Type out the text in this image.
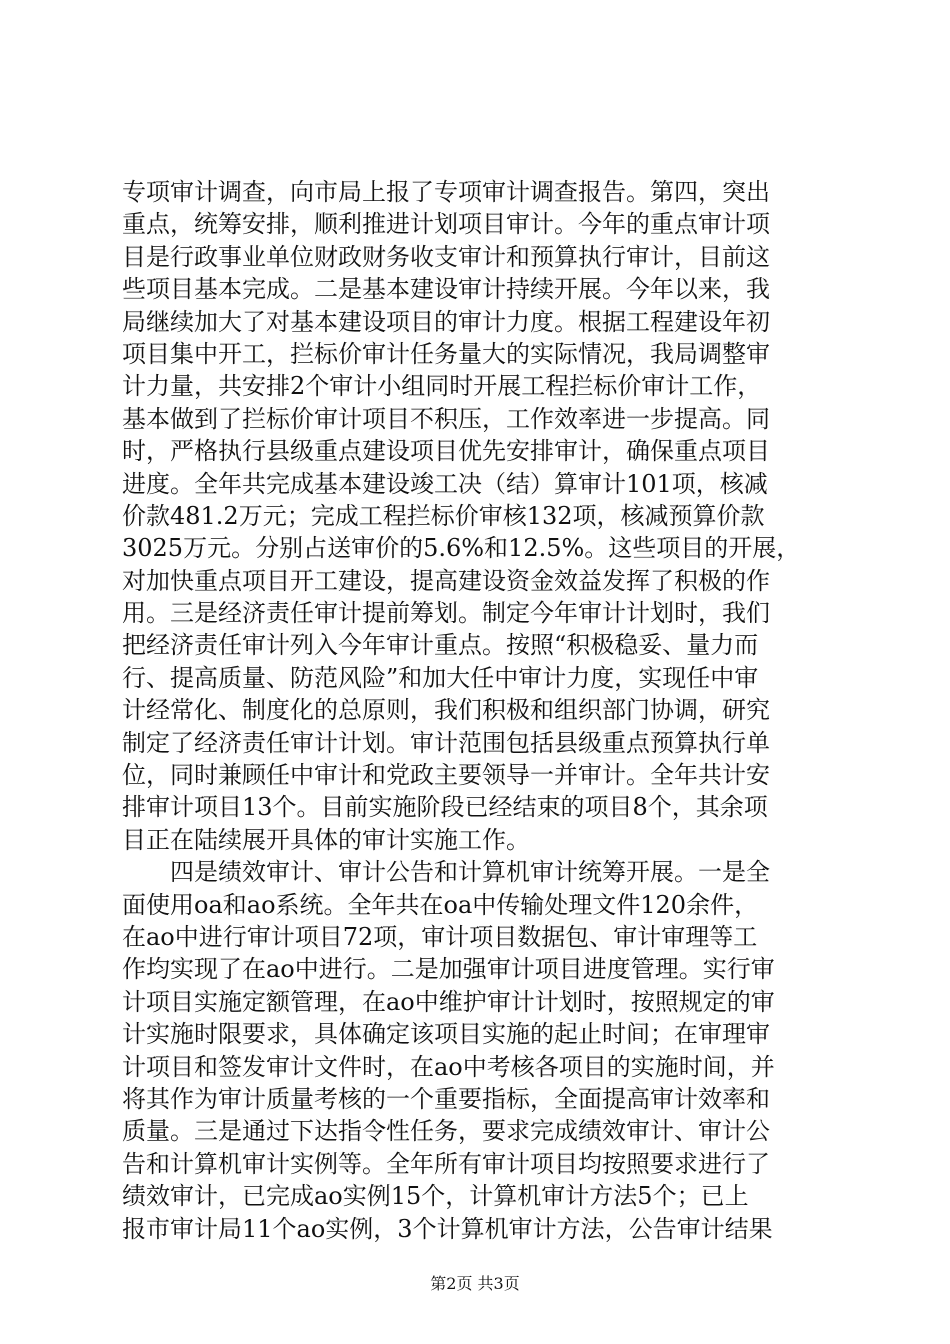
专项审计调查，向市局上报了专项审计调查报告。第四，突出
重点，统筹安排，顺利推进计划项目审计。今年的重点审计项
目是行政事业单位财政财务收支审计和预算执行审计，目前这
些项目基本完成。二是基本建设审计持续开展。今年以来，我
局继续加大了对基本建设项目的审计力度。根据工程建设年初
项目集中开工，拦标价审计任务量大的实际情况，我局调整审
计力量，共安排2个审计小组同时开展工程拦标价审计工作，
基本做到了拦标价审计项目不积压，工作效率进一步提高。同
时，严格执行县级重点建设项目优先安排审计，确保重点项目
进度。全年共完成基本建设竣工决（结）算审计101项，核减
价款481.2万元；完成工程拦标价审核132项，核减预算价款
3025万元。分别占送审价的5.6%和12.5%。这些项目的开展，
对加快重点项目开工建设，提高建设资金效益发挥了积极的作
用。三是经济责任审计提前筹划。制定今年审计计划时，我们
把经济责任审计列入今年审计重点。按照“积极稳妥、量力而
行、提高质量、防范风险”和加大任中审计力度，实现任中审
计经常化、制度化的总原则，我们积极和组织部门协调，研究
制定了经济责任审计计划。审计范围包括县级重点预算执行单
位，同时兼顾任中审计和党政主要领导一并审计。全年共计安
排审计项目13个。目前实施阶段已经结束的项目8个，其余项
目正在陆续展开具体的审计实施工作。
四是绩效审计、审计公告和计算机审计统筹开展。一是全
面使用oa和ao系统。全年共在oa中传输处理文件120余件，
在ao中进行审计项目72项，审计项目数据包、审计审理等工
作均实现了在ao中进行。二是加强审计项目进度管理。实行审
计项目实施定额管理，在ao中维护审计计划时，按照规定的审
计实施时限要求，具体确定该项目实施的起止时间；在审理审
计项目和签发审计文件时，在ao中考核各项目的实施时间，并
将其作为审计质量考核的一个重要指标，全面提高审计效率和
质量。三是通过下达指令性任务，要求完成绩效审计、审计公
告和计算机审计实例等。全年所有审计项目均按照要求进行了
绩效审计，已完成ao实例15个，计算机审计方法5个；已上
报市审计局11个ao实例，3个计算机审计方法，公告审计结果
第2页 共3页
